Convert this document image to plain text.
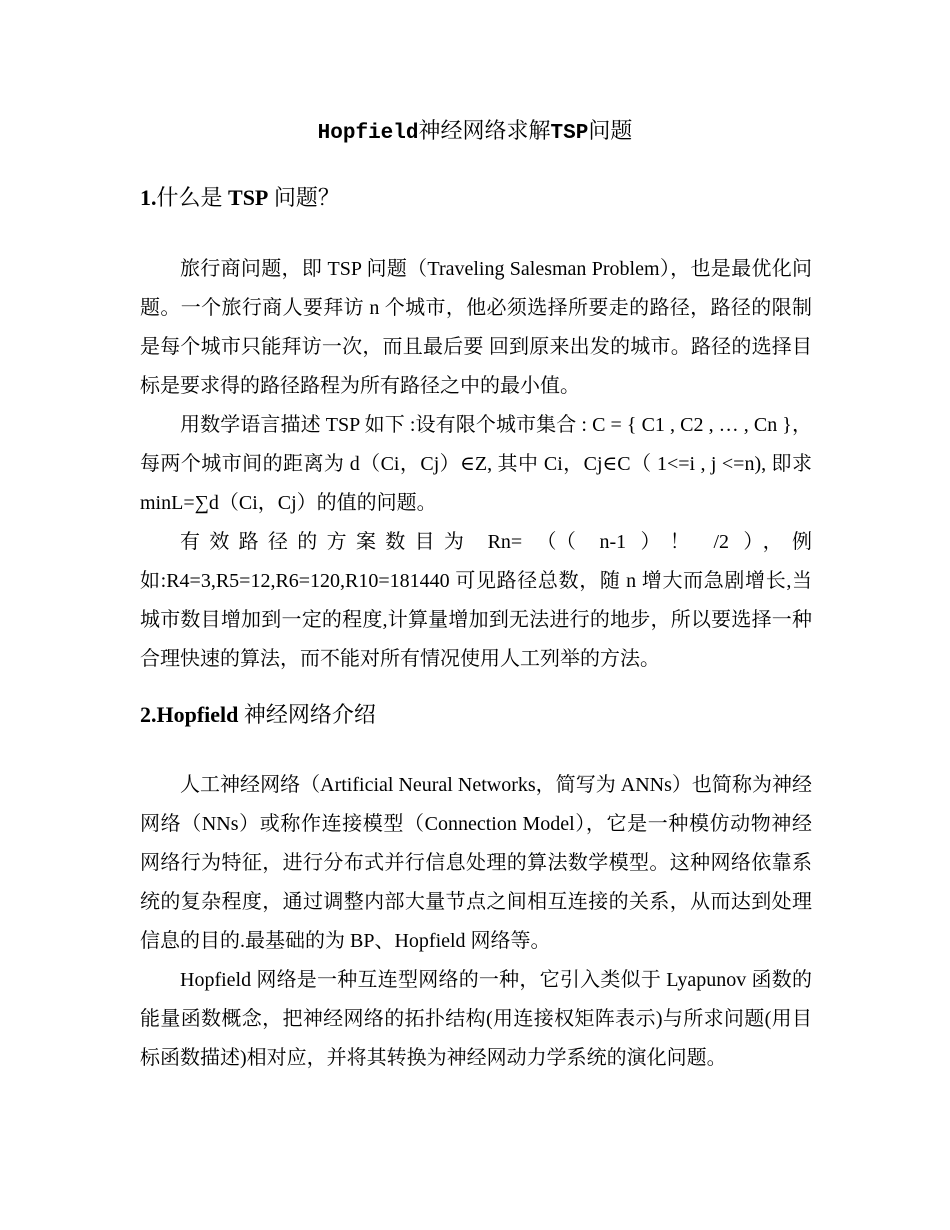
Hopfield神经网络求解TSP问题
1.什么是 TSP 问题？

旅行商问题，即 TSP 问题（Traveling Salesman Problem），也是最优化问题。一个旅行商人要拜访 n 个城市，他必须选择所要走的路径，路径的限制是每个城市只能拜访一次，而且最后要 回到原来出发的城市。路径的选择目标是要求得的路径路程为所有路径之中的最小值。

用数学语言描述 TSP 如下 :设有限个城市集合 : C = { C1 , C2 , … , Cn }，每两个城市间的距离为 d（Ci，Cj）∈Z, 其中 Ci，Cj∈C（ 1<=i , j <=n), 即求 minL=∑d（Ci，Cj）的值的问题。

有效路径的方案数目为 Rn= （（ n-1 ）！ /2 ），例如:R4=3,R5=12,R6=120,R10=181440 可见路径总数，随 n 增大而急剧增长,当城市数目增加到一定的程度,计算量增加到无法进行的地步，所以要选择一种合理快速的算法，而不能对所有情况使用人工列举的方法。

2.Hopfield 神经网络介绍

人工神经网络（Artificial Neural Networks，简写为 ANNs）也简称为神经网络（NNs）或称作连接模型（Connection Model），它是一种模仿动物神经网络行为特征，进行分布式并行信息处理的算法数学模型。这种网络依靠系统的复杂程度，通过调整内部大量节点之间相互连接的关系，从而达到处理信息的目的.最基础的为 BP、Hopfield 网络等。

Hopfield 网络是一种互连型网络的一种，它引入类似于 Lyapunov 函数的能量函数概念，把神经网络的拓扑结构(用连接权矩阵表示)与所求问题(用目标函数描述)相对应，并将其转换为神经网动力学系统的演化问题。
